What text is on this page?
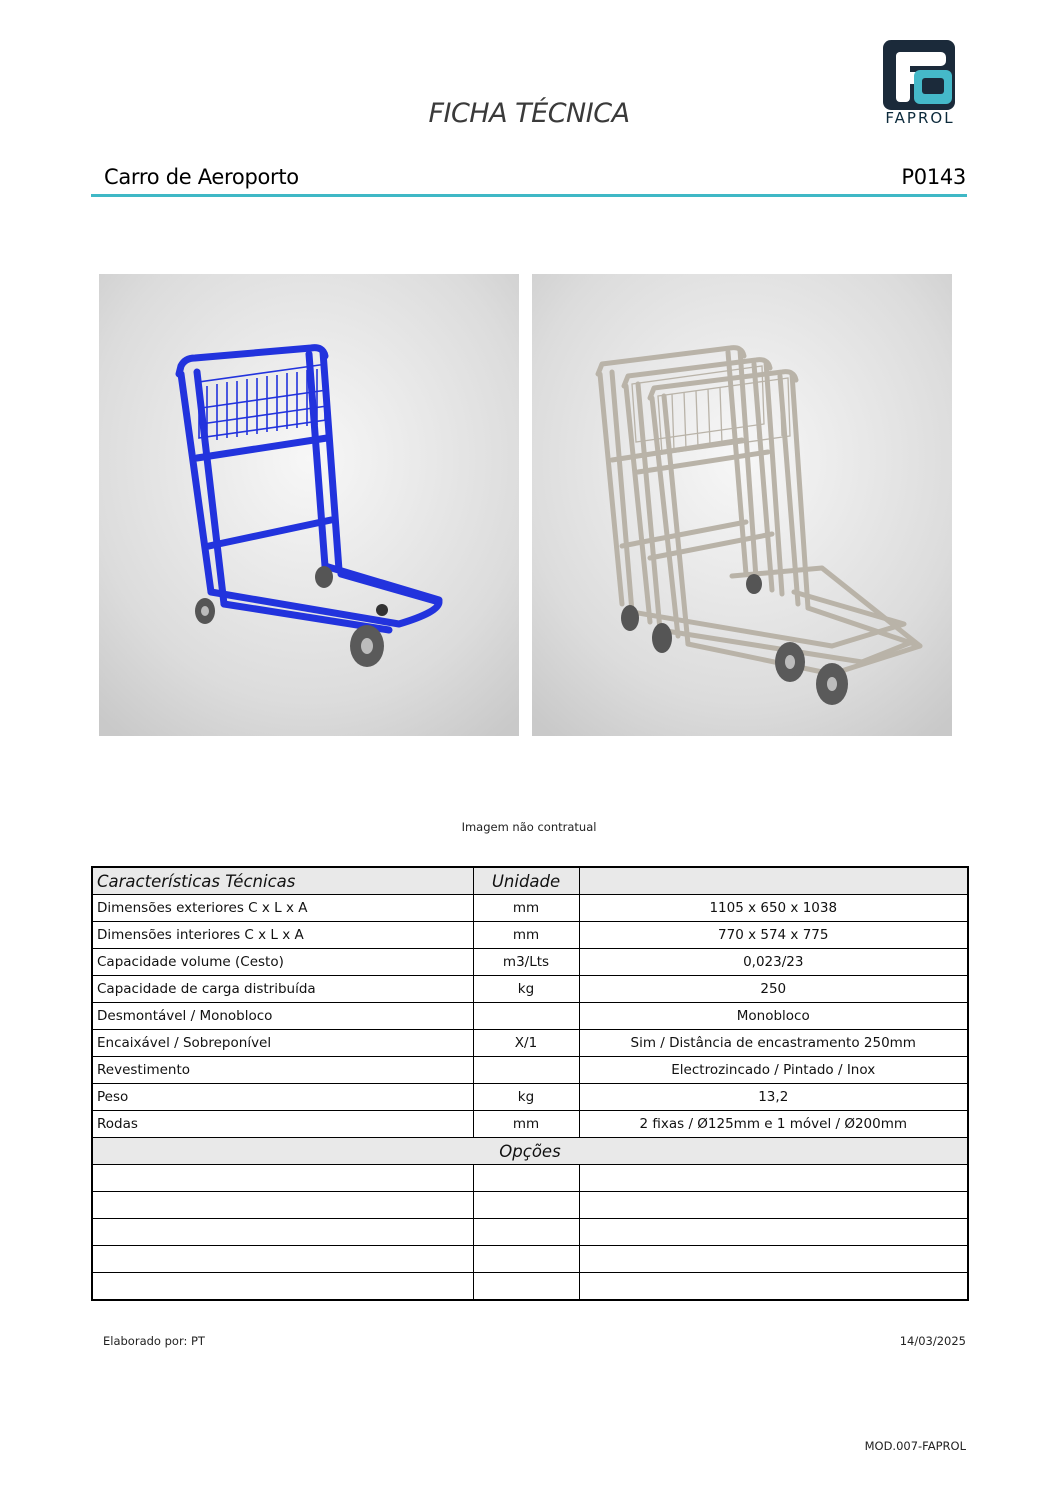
FICHA TÉCNICA	FAPROL
Carro de Aeroporto	P0143
Imagem não contratual
Características Técnicas	Unidade	
Dimensões exteriores C x L x A	mm	1105 x 650 x 1038
Dimensões interiores C x L x A	mm	770 x 574 x 775
Capacidade volume (Cesto)	m3/Lts	0,023/23
Capacidade de carga distribuída	kg	250
Desmontável / Monobloco		Monobloco
Encaixável / Sobreponível	X/1	Sim / Distância de encastramento 250mm
Revestimento		Electrozincado / Pintado / Inox
Peso	kg	13,2
Rodas	mm	2 fixas / Ø125mm e 1 móvel / Ø200mm
Opções		

Elaborado por: PT	14/03/2025
MOD.007-FAPROL
